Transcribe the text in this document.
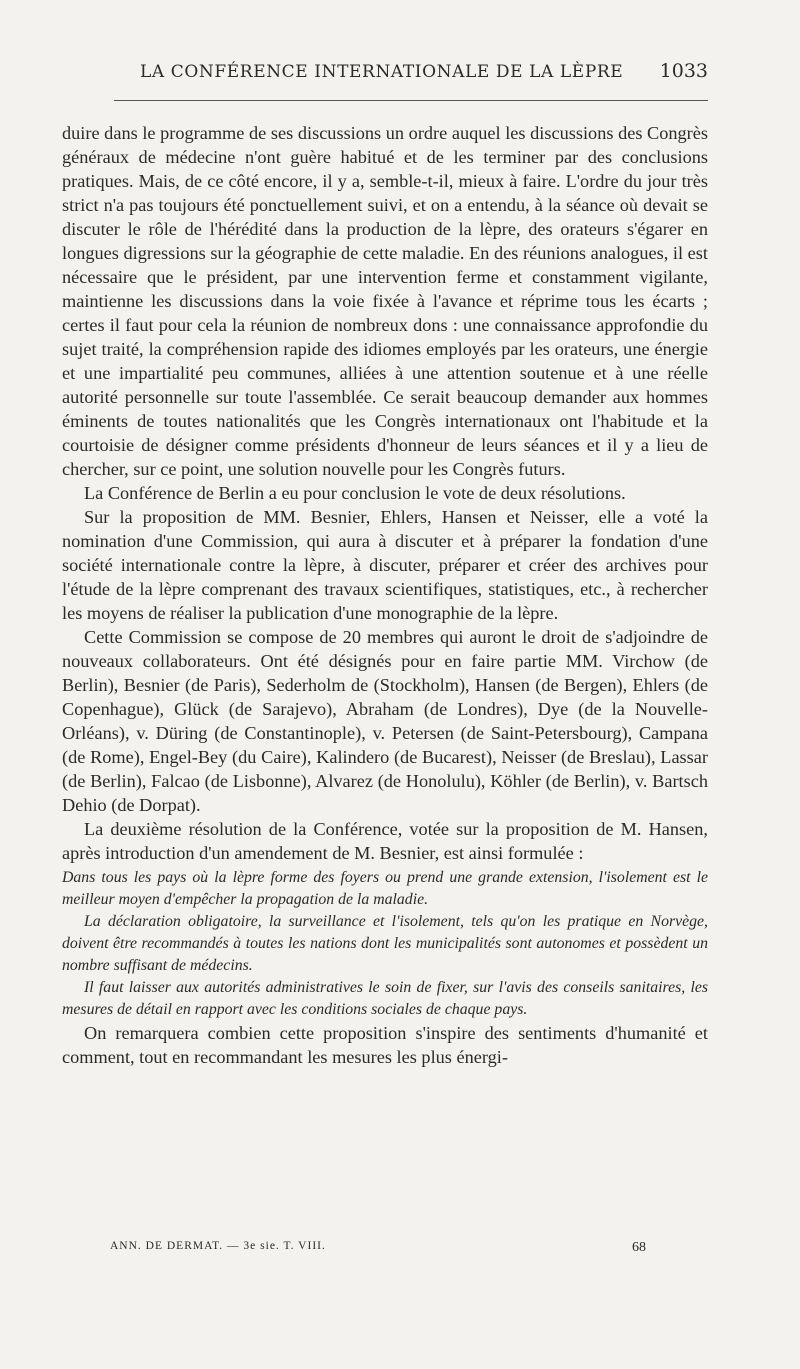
LA CONFÉRENCE INTERNATIONALE DE LA LÈPRE 1033

duire dans le programme de ses discussions un ordre auquel les discussions des Congrès généraux de médecine n'ont guère habitué et de les terminer par des conclusions pratiques. Mais, de ce côté encore, il y a, semble-t-il, mieux à faire. L'ordre du jour très strict n'a pas toujours été ponctuellement suivi, et on a entendu, à la séance où devait se discuter le rôle de l'hérédité dans la production de la lèpre, des orateurs s'égarer en longues digressions sur la géographie de cette maladie. En des réunions analogues, il est nécessaire que le président, par une intervention ferme et constamment vigilante, maintienne les discussions dans la voie fixée à l'avance et réprime tous les écarts ; certes il faut pour cela la réunion de nombreux dons : une connaissance approfondie du sujet traité, la compréhension rapide des idiomes employés par les orateurs, une énergie et une impartialité peu communes, alliées à une attention soutenue et à une réelle autorité personnelle sur toute l'assemblée. Ce serait beaucoup demander aux hommes éminents de toutes nationalités que les Congrès internationaux ont l'habitude et la courtoisie de désigner comme présidents d'honneur de leurs séances et il y a lieu de chercher, sur ce point, une solution nouvelle pour les Congrès futurs.

La Conférence de Berlin a eu pour conclusion le vote de deux résolutions.

Sur la proposition de MM. Besnier, Ehlers, Hansen et Neisser, elle a voté la nomination d'une Commission, qui aura à discuter et à préparer la fondation d'une société internationale contre la lèpre, à discuter, préparer et créer des archives pour l'étude de la lèpre comprenant des travaux scientifiques, statistiques, etc., à rechercher les moyens de réaliser la publication d'une monographie de la lèpre.

Cette Commission se compose de 20 membres qui auront le droit de s'adjoindre de nouveaux collaborateurs. Ont été désignés pour en faire partie MM. Virchow (de Berlin), Besnier (de Paris), Sederholm de (Stockholm), Hansen (de Bergen), Ehlers (de Copenhague), Glück (de Sarajevo), Abraham (de Londres), Dye (de la Nouvelle-Orléans), v. Düring (de Constantinople), v. Petersen (de Saint-Petersbourg), Campana (de Rome), Engel-Bey (du Caire), Kalindero (de Bucarest), Neisser (de Breslau), Lassar (de Berlin), Falcao (de Lisbonne), Alvarez (de Honolulu), Köhler (de Berlin), v. Bartsch Dehio (de Dorpat).

La deuxième résolution de la Conférence, votée sur la proposition de M. Hansen, après introduction d'un amendement de M. Besnier, est ainsi formulée :

Dans tous les pays où la lèpre forme des foyers ou prend une grande extension, l'isolement est le meilleur moyen d'empêcher la propagation de la maladie.

La déclaration obligatoire, la surveillance et l'isolement, tels qu'on les pratique en Norvège, doivent être recommandés à toutes les nations dont les municipalités sont autonomes et possèdent un nombre suffisant de médecins.

Il faut laisser aux autorités administratives le soin de fixer, sur l'avis des conseils sanitaires, les mesures de détail en rapport avec les conditions sociales de chaque pays.

On remarquera combien cette proposition s'inspire des sentiments d'humanité et comment, tout en recommandant les mesures les plus énergi-

ANN. DE DERMAT. — 3e sie. T. VIII.	68
